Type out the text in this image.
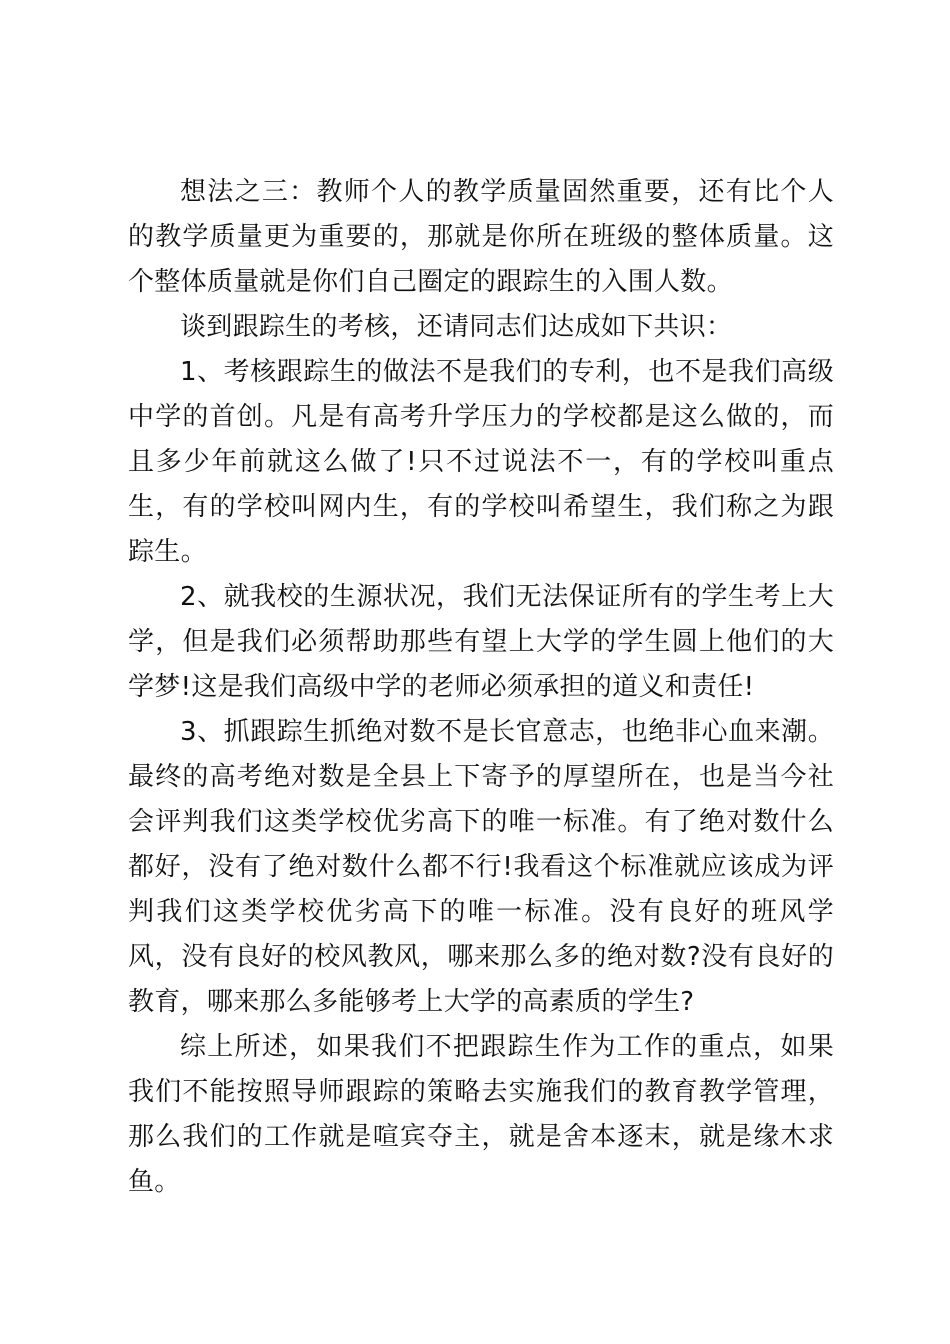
想法之三：教师个人的教学质量固然重要，还有比个人的教学质量更为重要的，那就是你所在班级的整体质量。这个整体质量就是你们自己圈定的跟踪生的入围人数。

谈到跟踪生的考核，还请同志们达成如下共识：

1、考核跟踪生的做法不是我们的专利，也不是我们高级中学的首创。凡是有高考升学压力的学校都是这么做的，而且多少年前就这么做了!只不过说法不一，有的学校叫重点生，有的学校叫网内生，有的学校叫希望生，我们称之为跟踪生。

2、就我校的生源状况，我们无法保证所有的学生考上大学，但是我们必须帮助那些有望上大学的学生圆上他们的大学梦!这是我们高级中学的老师必须承担的道义和责任!

3、抓跟踪生抓绝对数不是长官意志，也绝非心血来潮。最终的高考绝对数是全县上下寄予的厚望所在，也是当今社会评判我们这类学校优劣高下的唯一标准。有了绝对数什么都好，没有了绝对数什么都不行!我看这个标准就应该成为评判我们这类学校优劣高下的唯一标准。没有良好的班风学风，没有良好的校风教风，哪来那么多的绝对数?没有良好的教育，哪来那么多能够考上大学的高素质的学生?

综上所述，如果我们不把跟踪生作为工作的重点，如果我们不能按照导师跟踪的策略去实施我们的教育教学管理，那么我们的工作就是喧宾夺主，就是舍本逐末，就是缘木求鱼。
